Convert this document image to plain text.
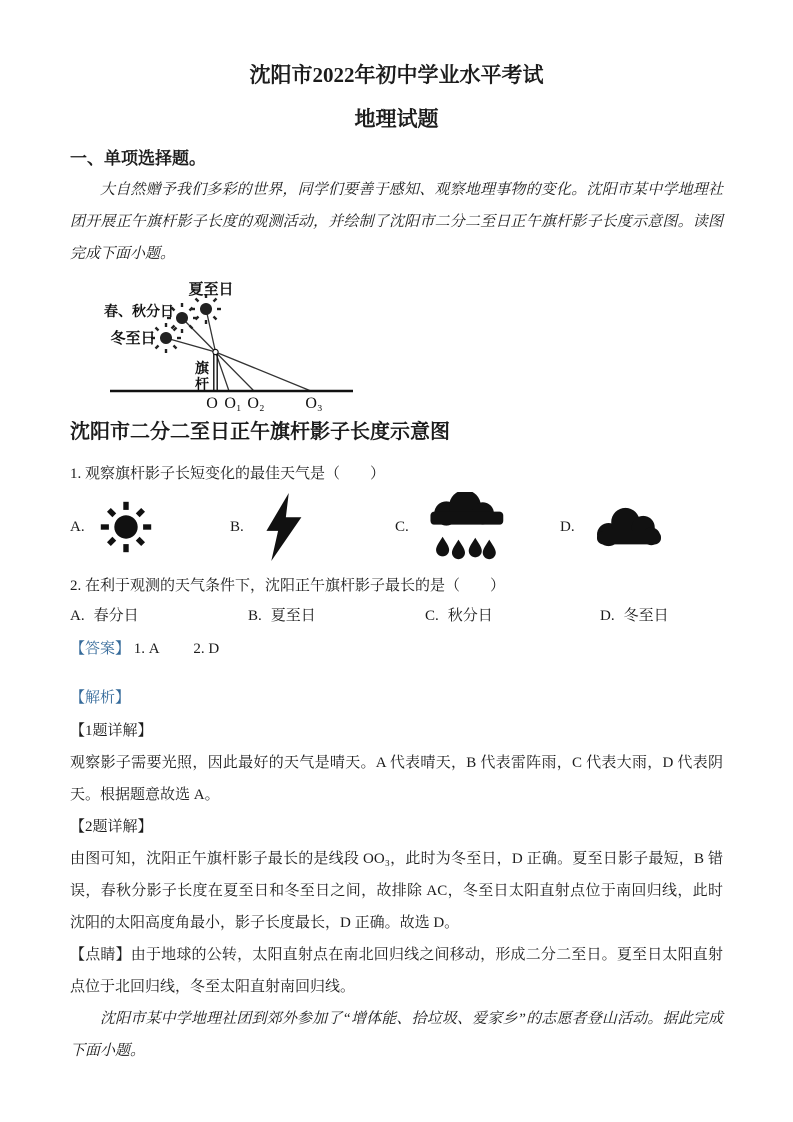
沈阳市2022年初中学业水平考试
地理试题
一、单项选择题。

大自然赠予我们多彩的世界，同学们要善于感知、观察地理事物的变化。沈阳市某中学地理社团开展正午旗杆影子长度的观测活动，并绘制了沈阳市二分二至日正午旗杆影子长度示意图。读图完成下面小题。

夏至日
春、秋分日
冬至日
旗
杆
O O₁ O₂	O₃
沈阳市二分二至日正午旗杆影子长度示意图

1. 观察旗杆影子长短变化的最佳天气是（　　）

A.	B.	C.	D.

2. 在利于观测的天气条件下，沈阳正午旗杆影子最长的是（　　）

A. 春分日	B. 夏至日	C. 秋分日	D. 冬至日
【答案】 1. A 2. D
【解析】
【1题详解】

观察影子需要光照，因此最好的天气是晴天。A 代表晴天，B 代表雷阵雨，C 代表大雨，D 代表阴天。根据题意故选 A。

【2题详解】

由图可知，沈阳正午旗杆影子最长的是线段 OO₃，此时为冬至日，D 正确。夏至日影子最短，B 错误，春秋分影子长度在夏至日和冬至日之间，故排除 AC，冬至日太阳直射点位于南回归线，此时沈阳的太阳高度角最小，影子长度最长，D 正确。故选 D。

【点睛】由于地球的公转，太阳直射点在南北回归线之间移动，形成二分二至日。夏至日太阳直射点位于北回归线，冬至太阳直射南回归线。

沈阳市某中学地理社团到郊外参加了“增体能、拾垃圾、爱家乡”的志愿者登山活动。据此完成下面小题。
